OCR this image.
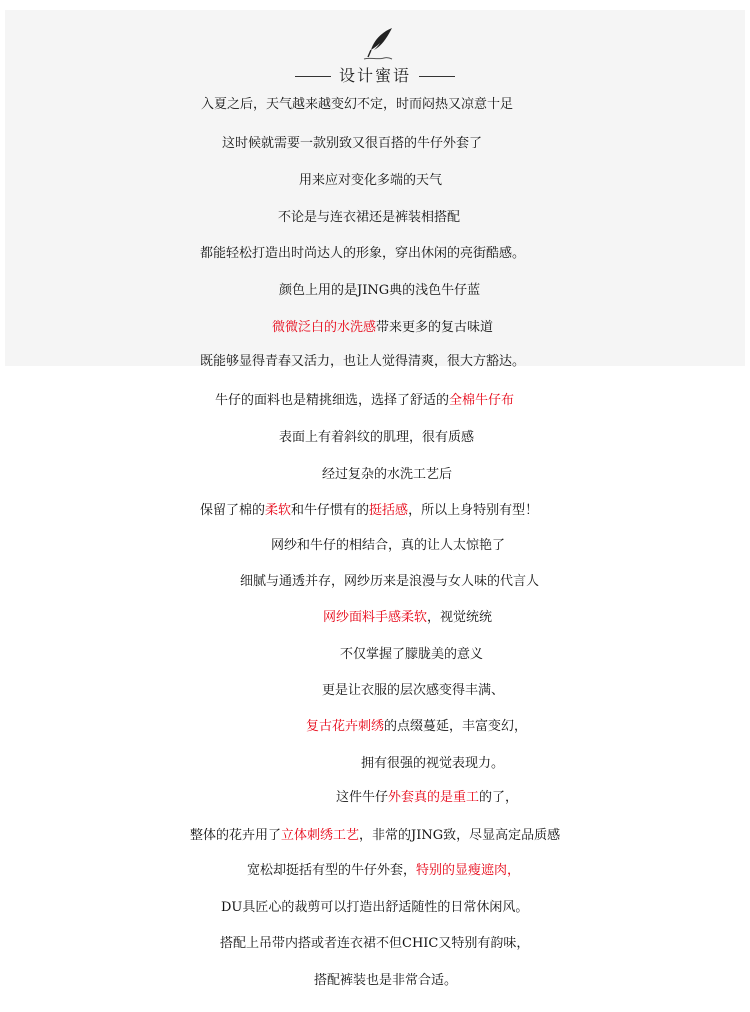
设计蜜语
入夏之后，天气越来越变幻不定，时而闷热又凉意十足
这时候就需要一款别致又很百搭的牛仔外套了
用来应对变化多端的天气
不论是与连衣裙还是裤装相搭配
都能轻松打造出时尚达人的形象，穿出休闲的亮街酷感。
颜色上用的是JING典的浅色牛仔蓝
微微泛白的水洗感带来更多的复古味道
既能够显得青春又活力，也让人觉得清爽，很大方豁达。
牛仔的面料也是精挑细选，选择了舒适的全棉牛仔布
表面上有着斜纹的肌理，很有质感
经过复杂的水洗工艺后
保留了棉的柔软和牛仔惯有的挺括感，所以上身特别有型！
网纱和牛仔的相结合，真的让人太惊艳了
细腻与通透并存，网纱历来是浪漫与女人味的代言人
网纱面料手感柔软，视觉统统
不仅掌握了朦胧美的意义
更是让衣服的层次感变得丰满、
复古花卉刺绣的点缀蔓延，丰富变幻，
拥有很强的视觉表现力。
这件牛仔外套真的是重工的了，
整体的花卉用了立体刺绣工艺，非常的JING致，尽显高定品质感
宽松却挺括有型的牛仔外套，特别的显瘦遮肉，
DU具匠心的裁剪可以打造出舒适随性的日常休闲风。
搭配上吊带内搭或者连衣裙不但CHIC又特别有韵味，
搭配裤装也是非常合适。
